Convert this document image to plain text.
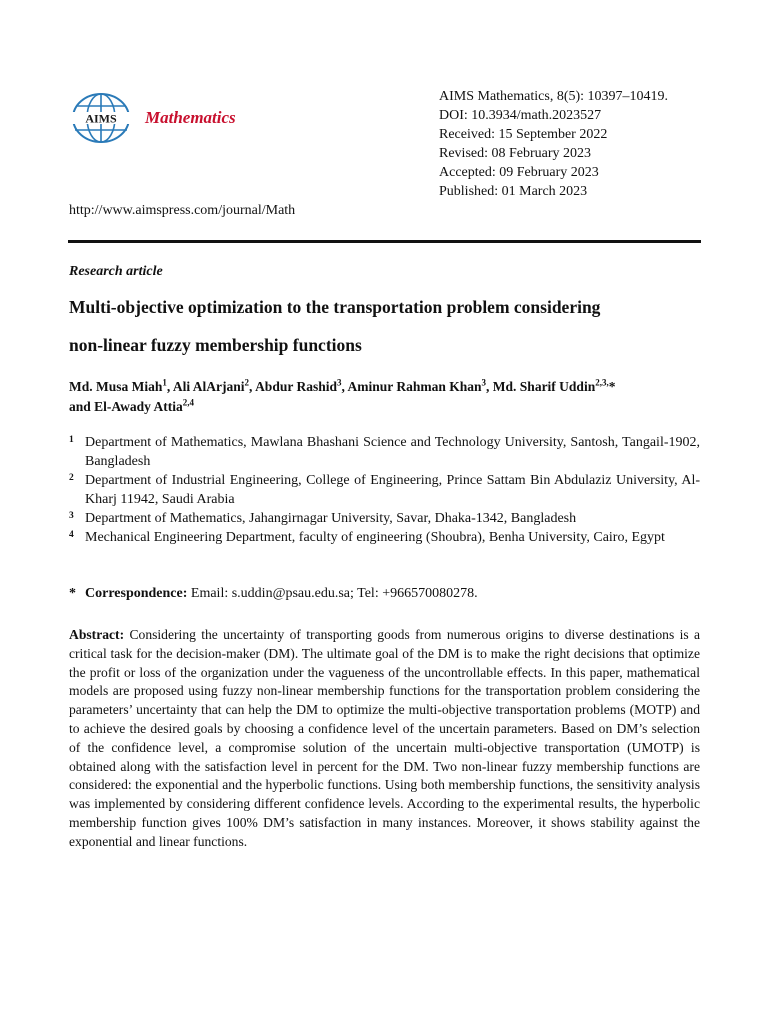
AIMS Mathematics
AIMS Mathematics, 8(5): 10397–10419.
DOI: 10.3934/math.2023527
Received: 15 September 2022
Revised: 08 February 2023
Accepted: 09 February 2023
Published: 01 March 2023
http://www.aimspress.com/journal/Math
Research article
Multi-objective optimization to the transportation problem considering
non-linear fuzzy membership functions
Md. Musa Miah$^1$, Ali AlArjani$^2$, Abdur Rashid$^3$, Aminur Rahman Khan$^3$, Md. Sharif Uddin$^{2,3,}$*
and El-Awady Attia$^{2,4}$
1 Department of Mathematics, Mawlana Bhashani Science and Technology University, Santosh, Tangail-1902, Bangladesh
2 Department of Industrial Engineering, College of Engineering, Prince Sattam Bin Abdulaziz University, Al-Kharj 11942, Saudi Arabia
3 Department of Mathematics, Jahangirnagar University, Savar, Dhaka-1342, Bangladesh
4 Mechanical Engineering Department, faculty of engineering (Shoubra), Benha University, Cairo, Egypt
* Correspondence: Email: s.uddin@psau.edu.sa; Tel: +966570080278.
Abstract: Considering the uncertainty of transporting goods from numerous origins to diverse destinations is a critical task for the decision-maker (DM). The ultimate goal of the DM is to make the right decisions that optimize the profit or loss of the organization under the vagueness of the uncontrollable effects. In this paper, mathematical models are proposed using fuzzy non-linear membership functions for the transportation problem considering the parameters’ uncertainty that can help the DM to optimize the multi-objective transportation problems (MOTP) and to achieve the desired goals by choosing a confidence level of the uncertain parameters. Based on DM’s selection of the confidence level, a compromise solution of the uncertain multi-objective transportation (UMOTP) is obtained along with the satisfaction level in percent for the DM. Two non-linear fuzzy membership functions are considered: the exponential and the hyperbolic functions. Using both membership functions, the sensitivity analysis was implemented by considering different confidence levels. According to the experimental results, the hyperbolic membership function gives 100% DM’s satisfaction in many instances. Moreover, it shows stability against the exponential and linear functions.
